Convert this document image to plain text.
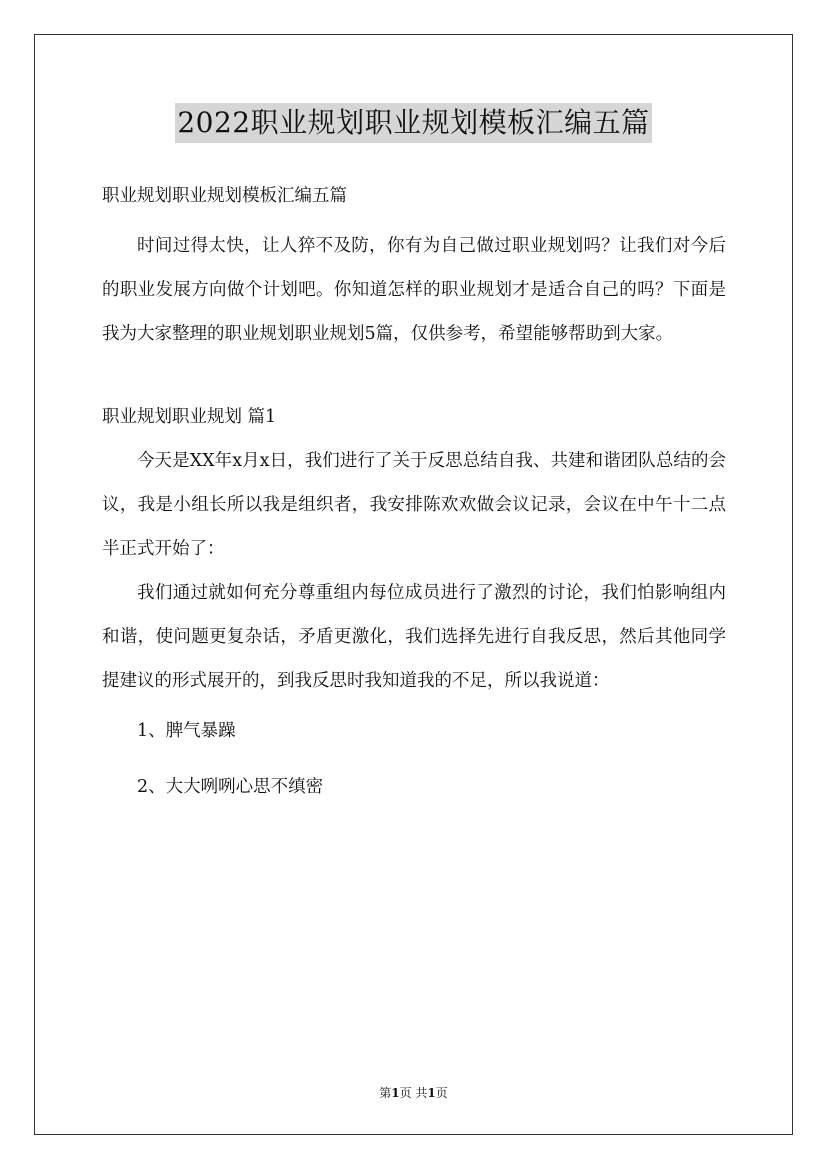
2022职业规划职业规划模板汇编五篇

职业规划职业规划模板汇编五篇

时间过得太快，让人猝不及防，你有为自己做过职业规划吗？让我们对今后的职业发展方向做个计划吧。你知道怎样的职业规划才是适合自己的吗？下面是我为大家整理的职业规划职业规划5篇，仅供参考，希望能够帮助到大家。

职业规划职业规划 篇1

今天是XX年x月x日，我们进行了关于反思总结自我、共建和谐团队总结的会议，我是小组长所以我是组织者，我安排陈欢欢做会议记录，会议在中午十二点半正式开始了：

我们通过就如何充分尊重组内每位成员进行了激烈的讨论，我们怕影响组内和谐，使问题更复杂话，矛盾更激化，我们选择先进行自我反思，然后其他同学提建议的形式展开的，到我反思时我知道我的不足，所以我说道：

1、脾气暴躁

2、大大咧咧心思不缜密

第1页 共1页
